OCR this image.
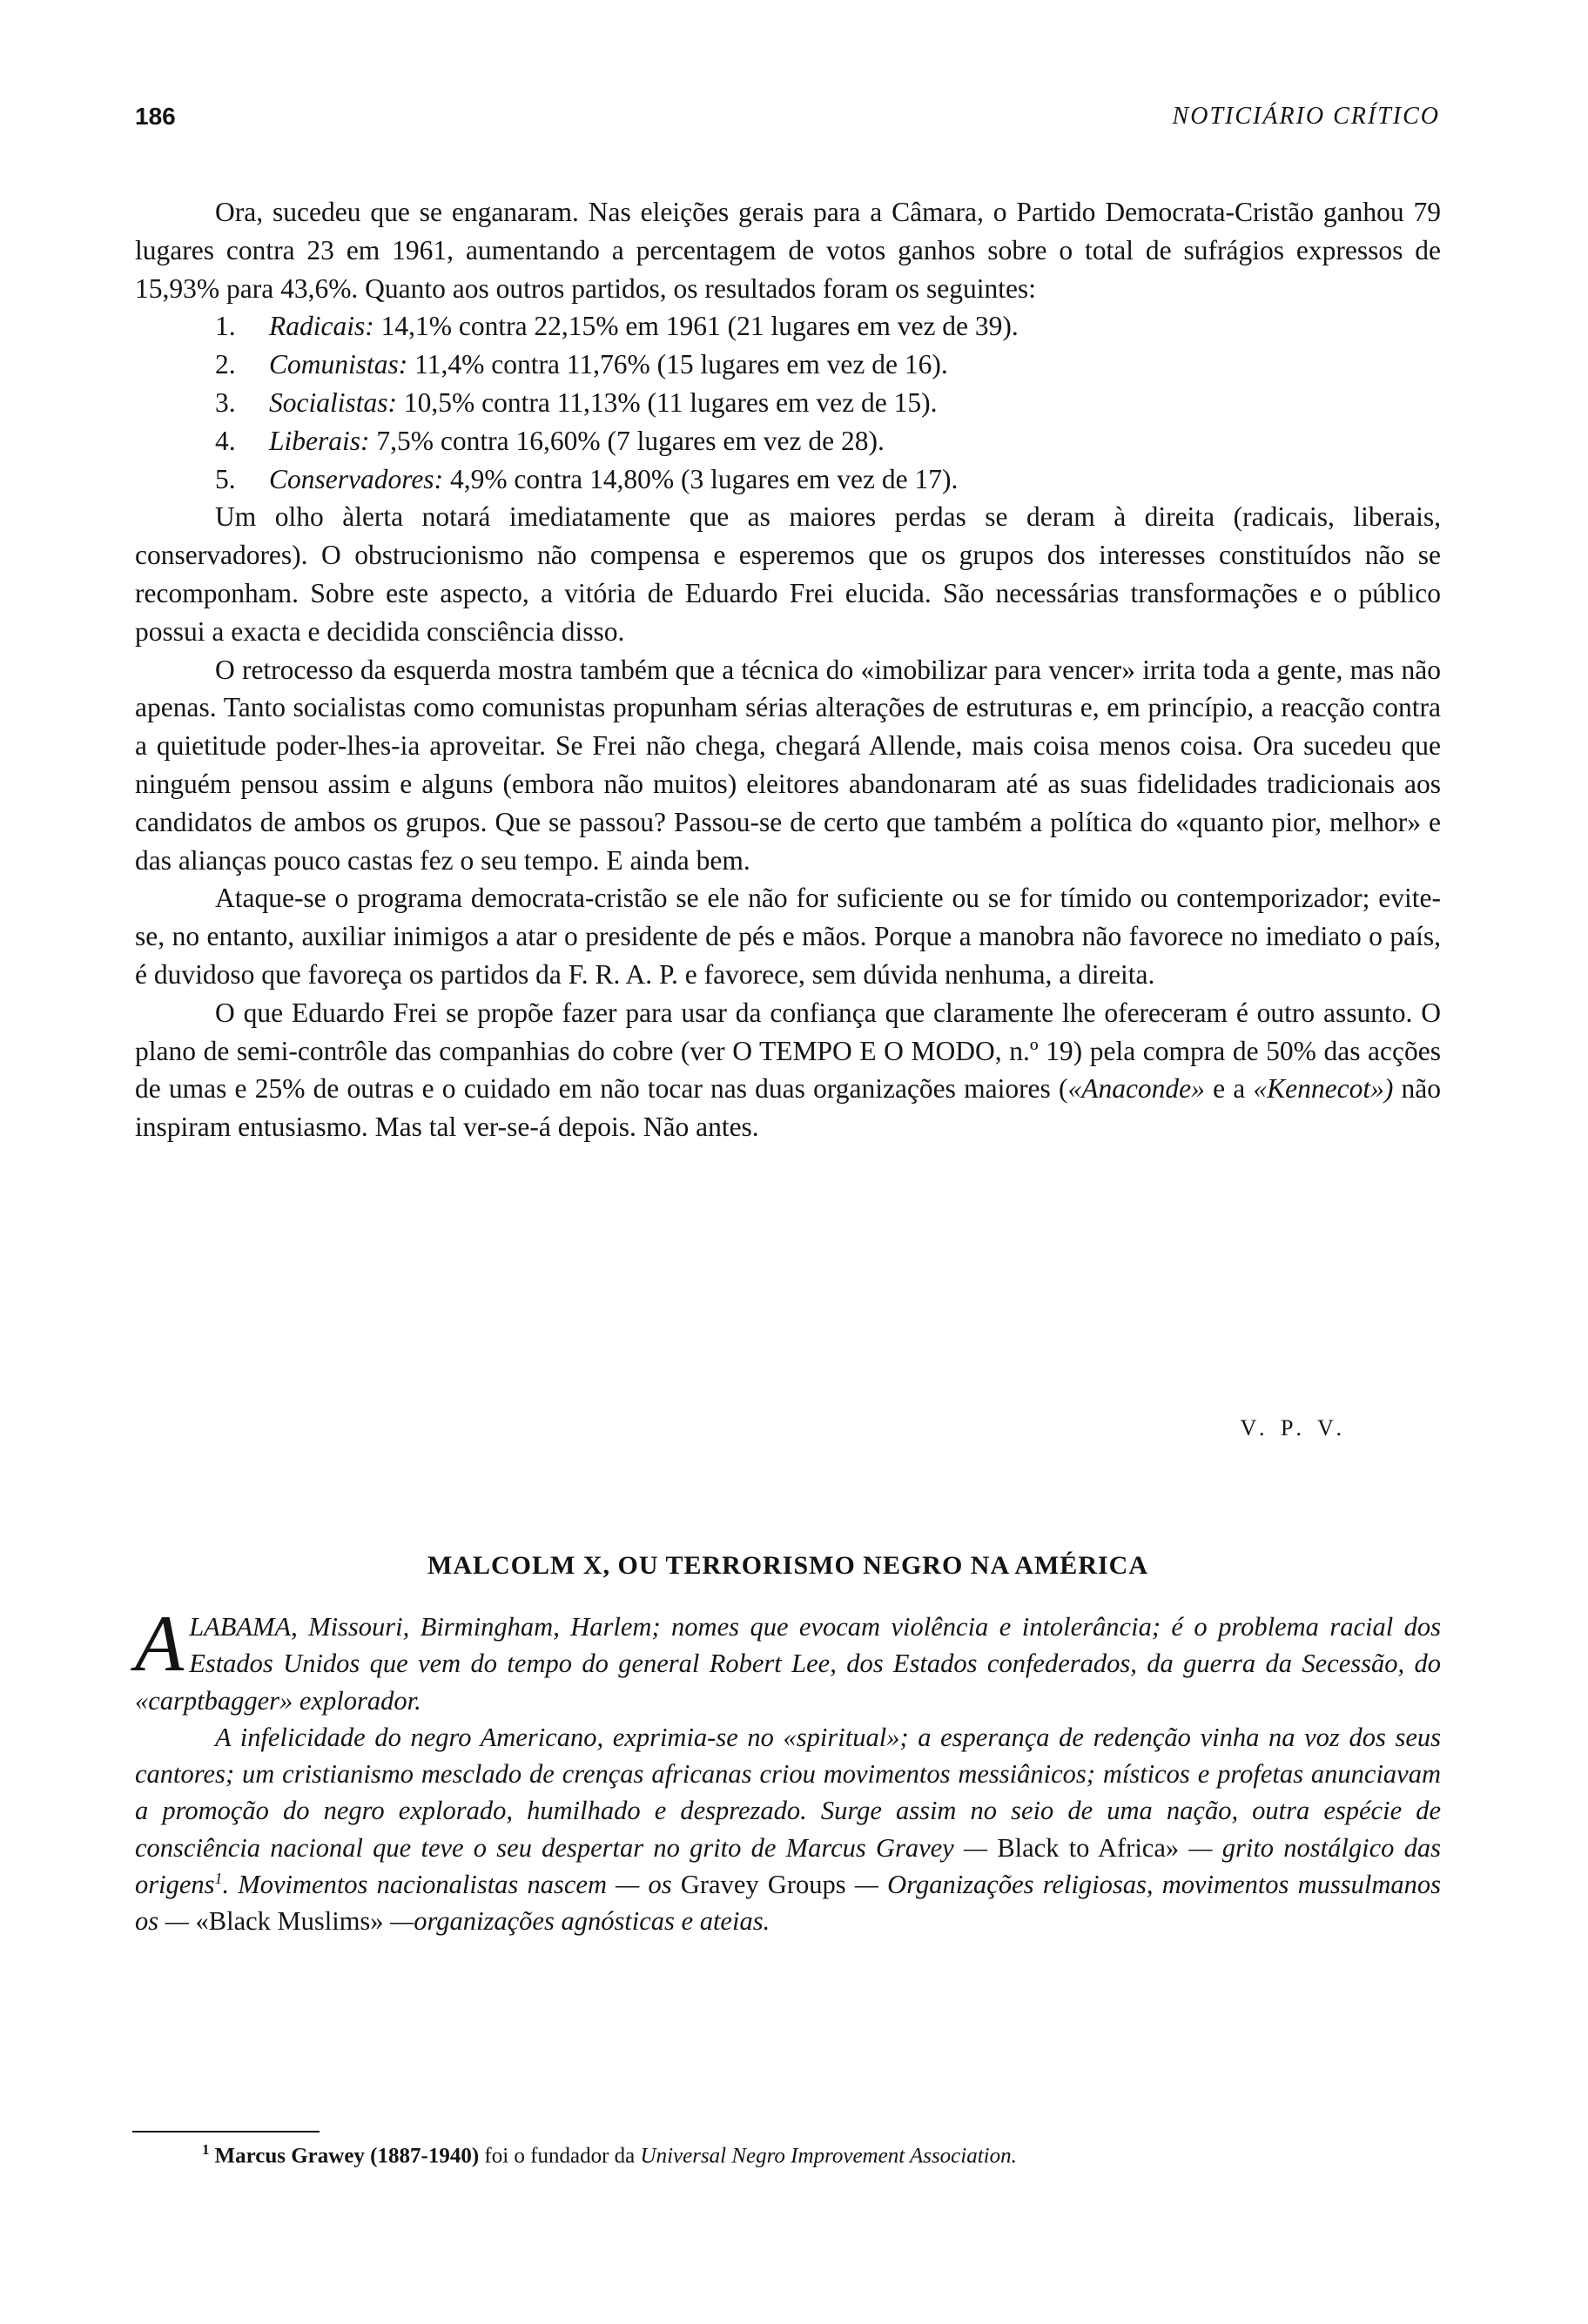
186	NOTICIÁRIO CRÍTICO

Ora, sucedeu que se enganaram. Nas eleições gerais para a Câmara, o Partido Democrata-Cristão ganhou 79 lugares contra 23 em 1961, aumentando a percentagem de votos ganhos sobre o total de sufrágios expressos de 15,93% para 43,6%. Quanto aos outros partidos, os resultados foram os seguintes:

1. Radicais: 14,1% contra 22,15% em 1961 (21 lugares em vez de 39).
2. Comunistas: 11,4% contra 11,76% (15 lugares em vez de 16).
3. Socialistas: 10,5% contra 11,13% (11 lugares em vez de 15).
4. Liberais: 7,5% contra 16,60% (7 lugares em vez de 28).
5. Conservadores: 4,9% contra 14,80% (3 lugares em vez de 17).

Um olho àlerta notará imediatamente que as maiores perdas se deram à direita (radicais, liberais, conservadores). O obstrucionismo não compensa e esperemos que os grupos dos interesses constituídos não se recomponham. Sobre este aspecto, a vitória de Eduardo Frei elucida. São necessárias transformações e o público possui a exacta e decidida consciência disso.

O retrocesso da esquerda mostra também que a técnica do «imobilizar para vencer» irrita toda a gente, mas não apenas. Tanto socialistas como comunistas propunham sérias alterações de estruturas e, em princípio, a reacção contra a quietitude poder-lhes-ia aproveitar. Se Frei não chega, chegará Allende, mais coisa menos coisa. Ora sucedeu que ninguém pensou assim e alguns (embora não muitos) eleitores abandonaram até as suas fidelidades tradicionais aos candidatos de ambos os grupos. Que se passou? Passou-se de certo que também a política do «quanto pior, melhor» e das alianças pouco castas fez o seu tempo. E ainda bem.

Ataque-se o programa democrata-cristão se ele não for suficiente ou se for tímido ou contemporizador; evite-se, no entanto, auxiliar inimigos a atar o presidente de pés e mãos. Porque a manobra não favorece no imediato o país, é duvidoso que favoreça os partidos da F. R. A. P. e favorece, sem dúvida nenhuma, a direita.

O que Eduardo Frei se propõe fazer para usar da confiança que claramente lhe ofereceram é outro assunto. O plano de semi-contrôle das companhias do cobre (ver O TEMPO E O MODO, n.º 19) pela compra de 50% das acções de umas e 25% de outras e o cuidado em não tocar nas duas organizações maiores («Anaconde» e a «Kennecot») não inspiram entusiasmo. Mas tal ver-se-á depois. Não antes.

V. P. V.
MALCOLM X, OU TERRORISMO NEGRO NA AMÉRICA

ALABAMA, Missouri, Birmingham, Harlem; nomes que evocam violência e intolerância; é o problema racial dos Estados Unidos que vem do tempo do general Robert Lee, dos Estados confederados, da guerra da Secessão, do «carptbagger» explorador.

A infelicidade do negro Americano, exprimia-se no «spiritual»; a esperança de redenção vinha na voz dos seus cantores; um cristianismo mesclado de crenças africanas criou movimentos messiânicos; místicos e profetas anunciavam a promoção do negro explorado, humilhado e desprezado. Surge assim no seio de uma nação, outra espécie de consciência nacional que teve o seu despertar no grito de Marcus Gravey — Black to Africa» — grito nostálgico das origens$^1$. Movimentos nacionalistas nascem — os Gravey Groups — Organizações religiosas, movimentos mussulmanos os — «Black Muslims» —organizações agnósticas e ateias.

$^1$ Marcus Grawey (1887-1940) foi o fundador da Universal Negro Improvement Association.
